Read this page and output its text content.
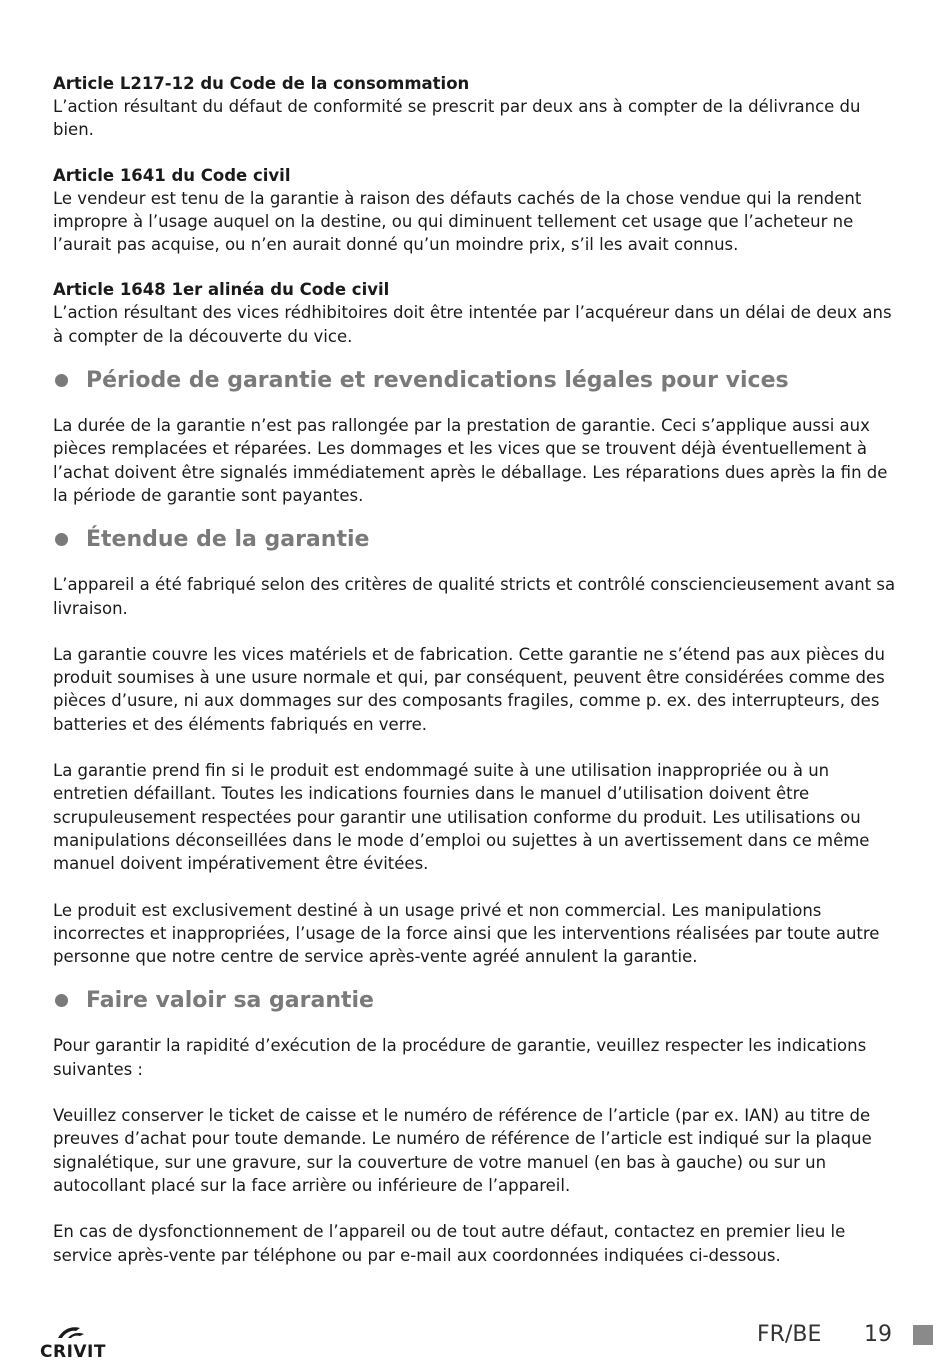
Article L217-12 du Code de la consommation

L’action résultant du défaut de conformité se prescrit par deux ans à compter de la délivrance du bien.

Article 1641 du Code civil

Le vendeur est tenu de la garantie à raison des défauts cachés de la chose vendue qui la rendent impropre à l’usage auquel on la destine, ou qui diminuent tellement cet usage que l’acheteur ne l’aurait pas acquise, ou n’en aurait donné qu’un moindre prix, s’il les avait connus.

Article 1648 1er alinéa du Code civil

L’action résultant des vices rédhibitoires doit être intentée par l’acquéreur dans un délai de deux ans à compter de la découverte du vice.

Période de garantie et revendications légales pour vices

La durée de la garantie n’est pas rallongée par la prestation de garantie. Ceci s’applique aussi aux pièces remplacées et réparées. Les dommages et les vices que se trouvent déjà éventuellement à l’achat doivent être signalés immédiatement après le déballage. Les réparations dues après la fin de la période de garantie sont payantes.

Étendue de la garantie

L’appareil a été fabriqué selon des critères de qualité stricts et contrôlé consciencieusement avant sa livraison.

La garantie couvre les vices matériels et de fabrication. Cette garantie ne s’étend pas aux pièces du produit soumises à une usure normale et qui, par conséquent, peuvent être considérées comme des pièces d’usure, ni aux dommages sur des composants fragiles, comme p. ex. des interrupteurs, des batteries et des éléments fabriqués en verre.

La garantie prend fin si le produit est endommagé suite à une utilisation inappropriée ou à un entretien défaillant. Toutes les indications fournies dans le manuel d’utilisation doivent être scrupuleusement respectées pour garantir une utilisation conforme du produit. Les utilisations ou manipulations déconseillées dans le mode d’emploi ou sujettes à un avertissement dans ce même manuel doivent impérativement être évitées.

Le produit est exclusivement destiné à un usage privé et non commercial. Les manipulations incorrectes et inappropriées, l’usage de la force ainsi que les interventions réalisées par toute autre personne que notre centre de service après-vente agréé annulent la garantie.

Faire valoir sa garantie

Pour garantir la rapidité d’exécution de la procédure de garantie, veuillez respecter les indications suivantes :

Veuillez conserver le ticket de caisse et le numéro de référence de l’article (par ex. IAN) au titre de preuves d’achat pour toute demande. Le numéro de référence de l’article est indiqué sur la plaque signalétique, sur une gravure, sur la couverture de votre manuel (en bas à gauche) ou sur un autocollant placé sur la face arrière ou inférieure de l’appareil.

En cas de dysfonctionnement de l’appareil ou de tout autre défaut, contactez en premier lieu le service après-vente par téléphone ou par e-mail aux coordonnées indiquées ci-dessous.

CRIVIT
FR/BE 19
